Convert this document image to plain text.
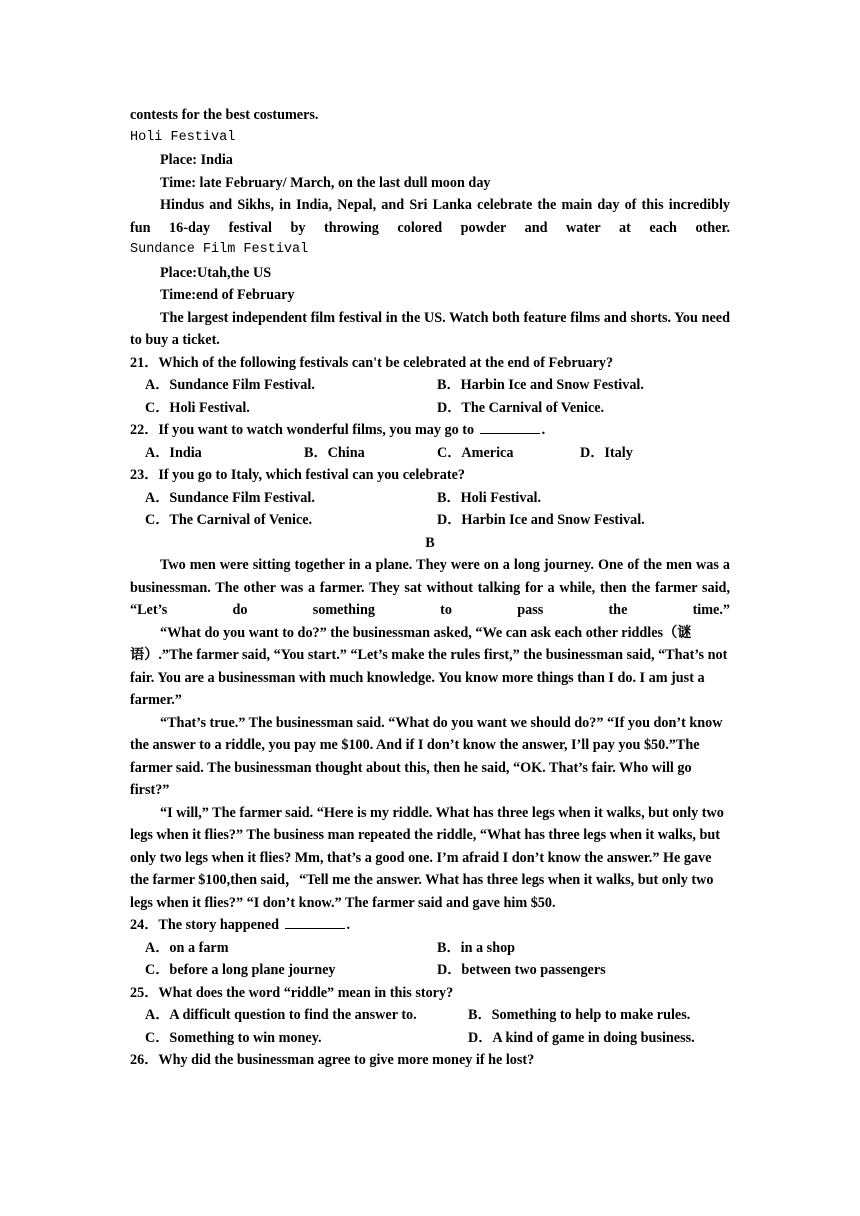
contests for the best costumers.
Holi Festival
Place: India
Time: late February/ March, on the last dull moon day
Hindus and Sikhs, in India, Nepal, and Sri Lanka celebrate the main day of this incredibly fun 16-day festival by throwing colored powder and water at each other.
Sundance Film Festival
Place:Utah,the US
Time:end of February
The largest independent film festival in the US. Watch both feature films and shorts. You need to buy a ticket.
21．Which of the following festivals can't be celebrated at the end of February?
A．Sundance Film Festival.	B．Harbin Ice and Snow Festival.
C．Holi Festival.	D．The Carnival of Venice.
22．If you want to watch wonderful films, you may go to	.
A．India	B．China	C．America	D．Italy
23．If you go to Italy, which festival can you celebrate?
A．Sundance Film Festival.	B．Holi Festival.
C．The Carnival of Venice.	D．Harbin Ice and Snow Festival.
B
Two men were sitting together in a plane. They were on a long journey. One of the men was a businessman. The other was a farmer. They sat without talking for a while, then the farmer said, “Let’s do something to pass the time.”
“What do you want to do?” the businessman asked, “We can ask each other riddles（谜语）.”The farmer said, “You start.” “Let’s make the rules first,” the businessman said, “That’s not fair. You are a businessman with much knowledge. You know more things than I do. I am just a farmer.”
“That’s true.” The businessman said. “What do you want we should do?” “If you don’t know the answer to a riddle, you pay me $100. And if I don’t know the answer, I’ll pay you $50.”The farmer said. The businessman thought about this, then he said, “OK. That’s fair. Who will go first?”
“I will,” The farmer said. “Here is my riddle. What has three legs when it walks, but only two legs when it flies?” The business man repeated the riddle, “What has three legs when it walks, but only two legs when it flies? Mm, that’s a good one. I’m afraid I don’t know the answer.” He gave the farmer $100,then said，“Tell me the answer. What has three legs when it walks, but only two legs when it flies?” “I don’t know.” The farmer said and gave him $50.
24．The story happened	.
A．on a farm	B．in a shop
C．before a long plane journey	D．between two passengers
25．What does the word “riddle” mean in this story?
A．A difficult question to find the answer to.	B．Something to help to make rules.
C．Something to win money.	D．A kind of game in doing business.
26．Why did the businessman agree to give more money if he lost?
